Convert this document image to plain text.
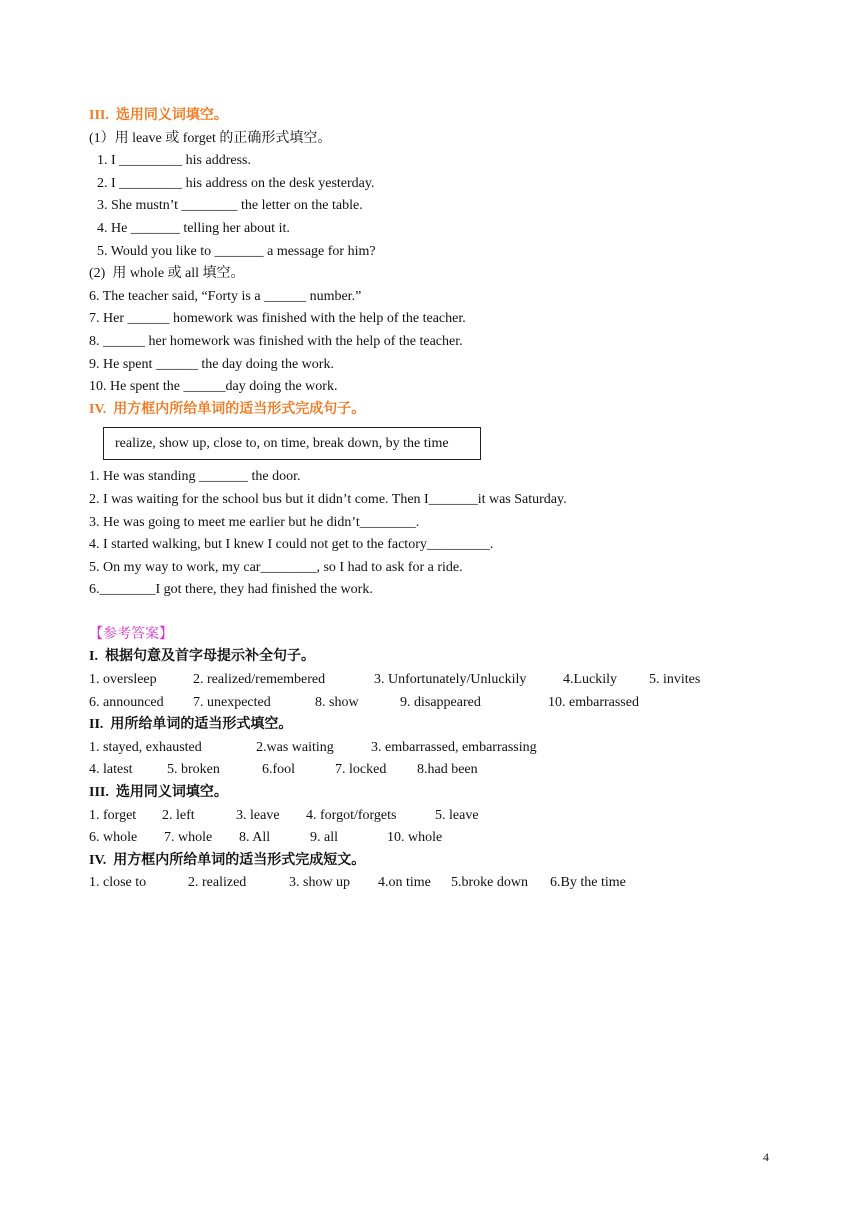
III.  选用同义词填空。
(1）用 leave 或 forget 的正确形式填空。
1. I _________ his address.
2. I _________ his address on the desk yesterday.
3. She mustn’t ________ the letter on the table.
4. He _______ telling her about it.
5. Would you like to _______ a message for him?
(2)  用 whole 或 all 填空。
6. The teacher said, “Forty is a ______ number.”
7. Her ______ homework was finished with the help of the teacher.
8. ______ her homework was finished with the help of the teacher.
9. He spent ______ the day doing the work.
10. He spent the ______day doing the work.
IV.  用方框内所给单词的适当形式完成句子。
realize, show up, close to, on time, break down, by the time
1. He was standing _______ the door.
2. I was waiting for the school bus but it didn’t come. Then I_______it was Saturday.
3. He was going to meet me earlier but he didn’t________.
4. I started walking, but I knew I could not get to the factory_________.
5. On my way to work, my car________, so I had to ask for a ride.
6.________I got there, they had finished the work.
【参考答案】
I.  根据句意及首字母提示补全句子。
1. oversleep	2. realized/remembered	3. Unfortunately/Unluckily	4.Luckily	5. invites
6. announced	7. unexpected	8. show	9. disappeared	10. embarrassed
II.  用所给单词的适当形式填空。
1. stayed, exhausted	2.was waiting	3. embarrassed, embarrassing
4. latest	5. broken	6.fool	7. locked	8.had been
III.  选用同义词填空。
1. forget	2. left	3. leave	4. forgot/forgets	5. leave
6. whole	7. whole	8. All	9. all	10. whole
IV.  用方框内所给单词的适当形式完成短文。
1. close to	2. realized	3. show up	4.on time	5.broke down	6.By the time
4
